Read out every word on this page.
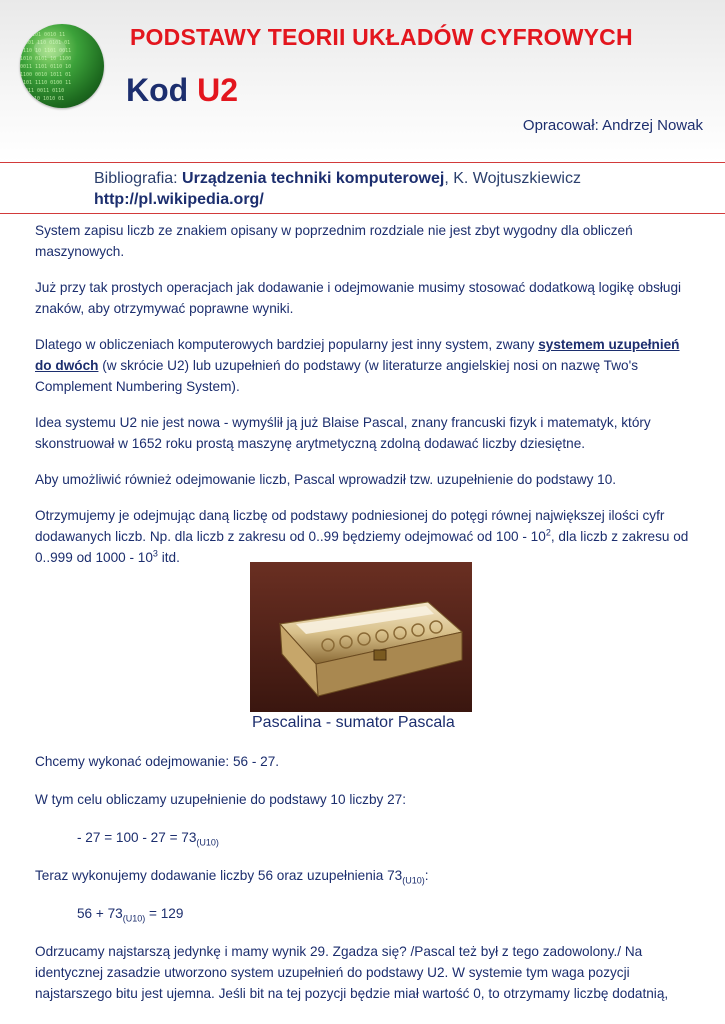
01101 0010 11
1001 110 0101 01
0110 10 1101 0011
1010 0101 10 1100
0011 1101 0110 10
1100 0010 1011 01
0101 1110 0100 11
1011 0011 0110
0110 1010 01
PODSTAWY TEORII UKŁADÓW CYFROWYCH
Kod U2
Opracował: Andrzej Nowak
Bibliografia: Urządzenia techniki komputerowej, K. Wojtuszkiewicz
http://pl.wikipedia.org/

System zapisu liczb ze znakiem opisany w poprzednim rozdziale nie jest zbyt wygodny dla obliczeń maszynowych.

Już przy tak prostych operacjach jak dodawanie i odejmowanie musimy stosować dodatkową logikę obsługi znaków, aby otrzymywać poprawne wyniki.

Dlatego w obliczeniach komputerowych bardziej popularny jest inny system, zwany systemem uzupełnień do dwóch (w skrócie U2) lub uzupełnień do podstawy (w literaturze angielskiej nosi on nazwę Two's Complement Numbering System).

Idea systemu U2 nie jest nowa - wymyślił ją już Blaise Pascal, znany francuski fizyk i matematyk, który skonstruował w 1652 roku prostą maszynę arytmetyczną zdolną dodawać liczby dziesiętne.

Aby umożliwić również odejmowanie liczb, Pascal wprowadził tzw. uzupełnienie do podstawy 10.

Otrzymujemy je odejmując daną liczbę od podstawy podniesionej do potęgi równej największej ilości cyfr dodawanych liczb. Np. dla liczb z zakresu od 0..99 będziemy odejmować od $100 - 10^2$, dla liczb z zakresu od 0..999 od $1000 - 10^3$ itd.

Pascalina - sumator Pascala

Chcemy wykonać odejmowanie: 56 - 27.

W tym celu obliczamy uzupełnienie do podstawy 10 liczby 27:

- $27 = 100 - 27 = 73_{(U10)}$

Teraz wykonujemy dodawanie liczby 56 oraz uzupełnienia $73_{(U10)}$:

$56 + 73_{(U10)} = 129$

Odrzucamy najstarszą jedynkę i mamy wynik 29. Zgadza się? /Pascal też był z tego zadowolony./ Na identycznej zasadzie utworzono system uzupełnień do podstawy U2. W systemie tym waga pozycji najstarszego bitu jest ujemna. Jeśli bit na tej pozycji będzie miał wartość 0, to otrzymamy liczbę dodatnią,
